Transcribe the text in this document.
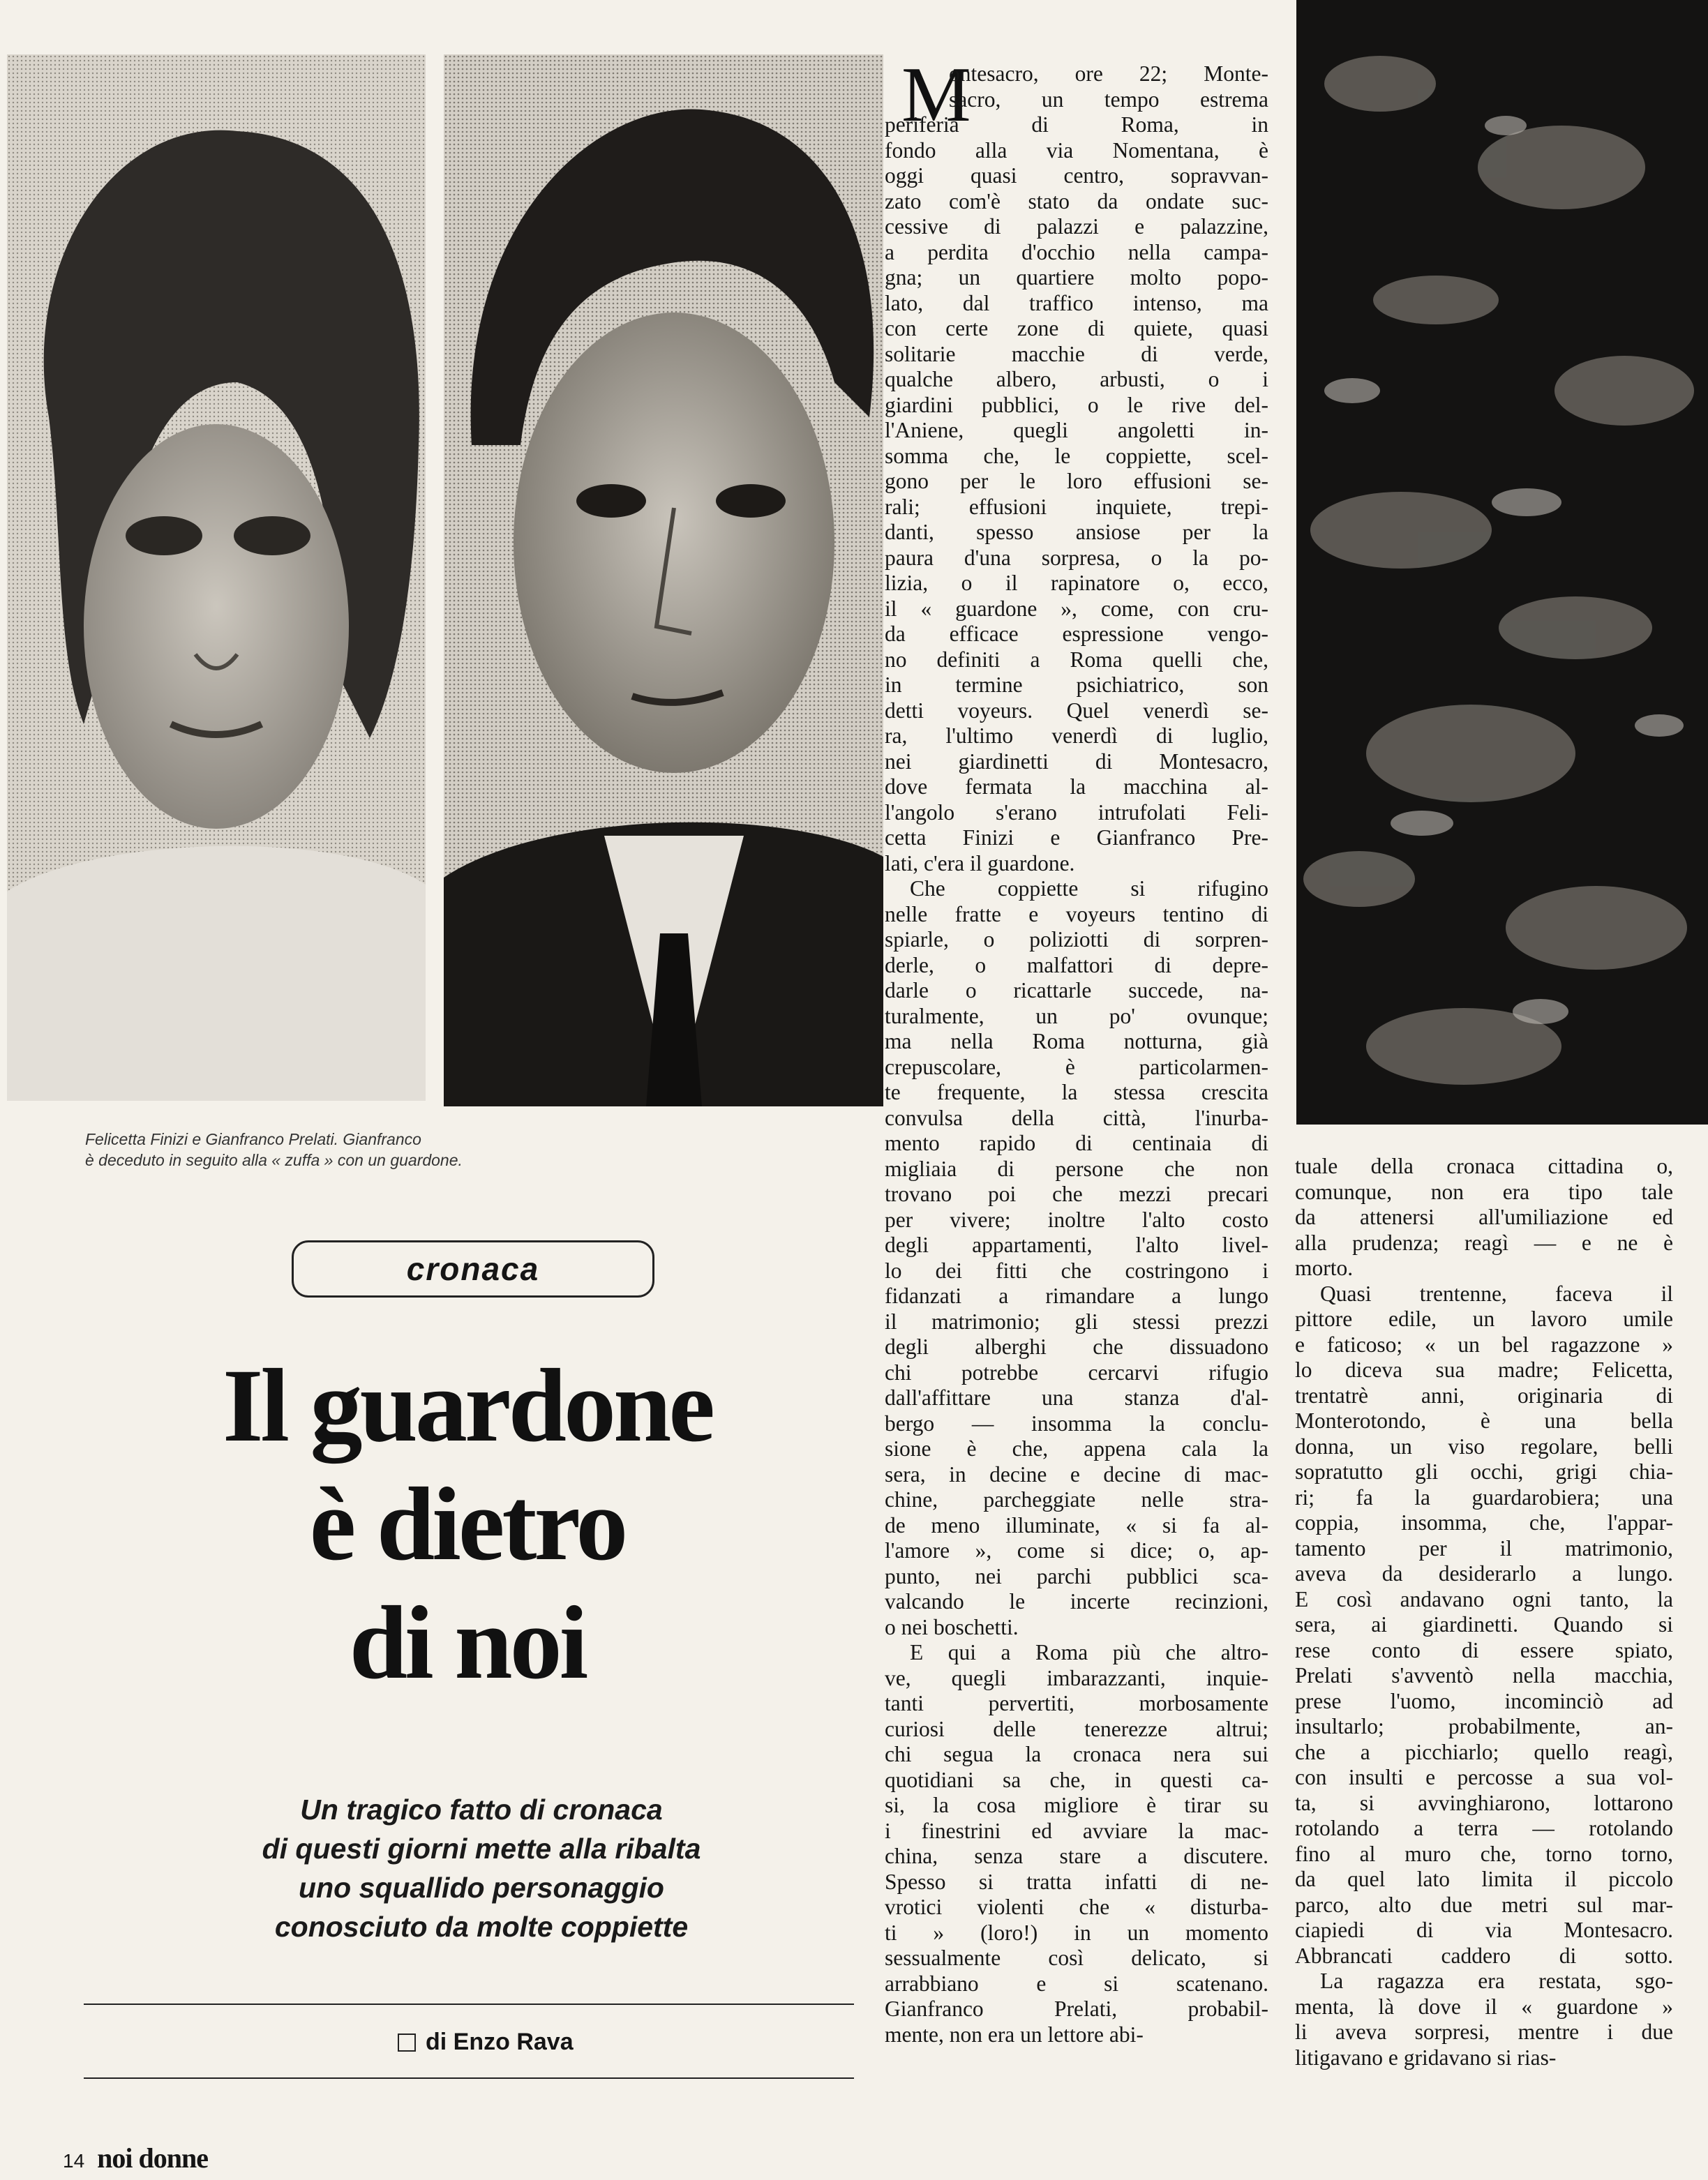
Felicetta Finizi e Gianfranco Prelati. Gianfranco
è deceduto in seguito alla « zuffa » con un guardone.
cronaca
Il guardone
è dietro
di noi
Un tragico fatto di cronaca
di questi giorni mette alla ribalta
uno squallido personaggio
conosciuto da molte coppiette
di Enzo Rava
14 noi donne
M
ontesacro, ore 22; Monte-
sacro, un tempo estrema
periferia di Roma, in
fondo alla via Nomentana, è
oggi quasi centro, sopravvan-
zato com'è stato da ondate suc-
cessive di palazzi e palazzine,
a perdita d'occhio nella campa-
gna; un quartiere molto popo-
lato, dal traffico intenso, ma
con certe zone di quiete, quasi
solitarie macchie di verde,
qualche albero, arbusti, o i
giardini pubblici, o le rive del-
l'Aniene, quegli angoletti in-
somma che, le coppiette, scel-
gono per le loro effusioni se-
rali; effusioni inquiete, trepi-
danti, spesso ansiose per la
paura d'una sorpresa, o la po-
lizia, o il rapinatore o, ecco,
il « guardone », come, con cru-
da efficace espressione vengo-
no definiti a Roma quelli che,
in termine psichiatrico, son
detti voyeurs. Quel venerdì se-
ra, l'ultimo venerdì di luglio,
nei giardinetti di Montesacro,
dove fermata la macchina al-
l'angolo s'erano intrufolati Feli-
cetta Finizi e Gianfranco Pre-
lati, c'era il guardone.
Che coppiette si rifugino
nelle fratte e voyeurs tentino di
spiarle, o poliziotti di sorpren-
derle, o malfattori di depre-
darle o ricattarle succede, na-
turalmente, un po' ovunque;
ma nella Roma notturna, già
crepuscolare, è particolarmen-
te frequente, la stessa crescita
convulsa della città, l'inurba-
mento rapido di centinaia di
migliaia di persone che non
trovano poi che mezzi precari
per vivere; inoltre l'alto costo
degli appartamenti, l'alto livel-
lo dei fitti che costringono i
fidanzati a rimandare a lungo
il matrimonio; gli stessi prezzi
degli alberghi che dissuadono
chi potrebbe cercarvi rifugio
dall'affittare una stanza d'al-
bergo — insomma la conclu-
sione è che, appena cala la
sera, in decine e decine di mac-
chine, parcheggiate nelle stra-
de meno illuminate, « si fa al-
l'amore », come si dice; o, ap-
punto, nei parchi pubblici sca-
valcando le incerte recinzioni,
o nei boschetti.
E qui a Roma più che altro-
ve, quegli imbarazzanti, inquie-
tanti pervertiti, morbosamente
curiosi delle tenerezze altrui;
chi segua la cronaca nera sui
quotidiani sa che, in questi ca-
si, la cosa migliore è tirar su
i finestrini ed avviare la mac-
china, senza stare a discutere.
Spesso si tratta infatti di ne-
vrotici violenti che « disturba-
ti » (loro!) in un momento
sessualmente così delicato, si
arrabbiano e si scatenano.
Gianfranco Prelati, probabil-
mente, non era un lettore abi-
tuale della cronaca cittadina o,
comunque, non era tipo tale
da attenersi all'umiliazione ed
alla prudenza; reagì — e ne è
morto.
Quasi trentenne, faceva il
pittore edile, un lavoro umile
e faticoso; « un bel ragazzone »
lo diceva sua madre; Felicetta,
trentatrè anni, originaria di
Monterotondo, è una bella
donna, un viso regolare, belli
sopratutto gli occhi, grigi chia-
ri; fa la guardarobiera; una
coppia, insomma, che, l'appar-
tamento per il matrimonio,
aveva da desiderarlo a lungo.
E così andavano ogni tanto, la
sera, ai giardinetti. Quando si
rese conto di essere spiato,
Prelati s'avventò nella macchia,
prese l'uomo, incominciò ad
insultarlo; probabilmente, an-
che a picchiarlo; quello reagì,
con insulti e percosse a sua vol-
ta, si avvinghiarono, lottarono
rotolando a terra — rotolando
fino al muro che, torno torno,
da quel lato limita il piccolo
parco, alto due metri sul mar-
ciapiedi di via Montesacro.
Abbrancati caddero di sotto.
La ragazza era restata, sgo-
menta, là dove il « guardone »
li aveva sorpresi, mentre i due
litigavano e gridavano si rias-
